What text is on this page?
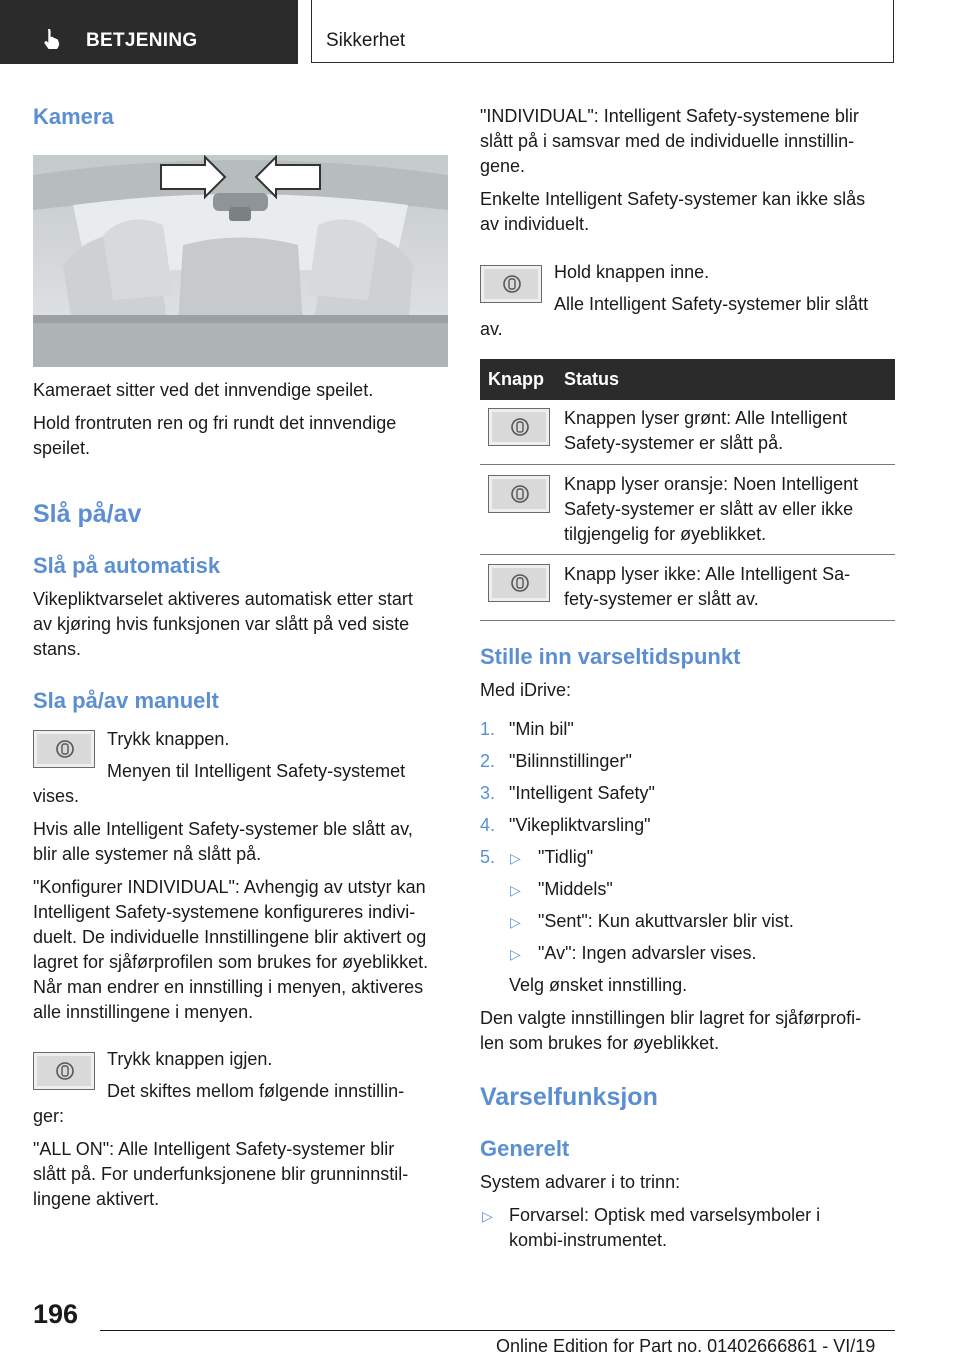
BETJENING	Sikkerhet
Kamera

Kameraet sitter ved det innvendige speilet.

Hold frontruten ren og fri rundt det innvendige

speilet.

Slå på/av
Slå på automatisk

Vikepliktvarselet aktiveres automatisk etter start

av kjøring hvis funksjonen var slått på ved siste

stans.

Sla på/av manuelt

Trykk knappen.

Menyen til Intelligent Safety-systemet

vises.

Hvis alle Intelligent Safety-systemer ble slått av,

blir alle systemer nå slått på.

"Konfigurer INDIVIDUAL": Avhengig av utstyr kan

Intelligent Safety-systemene konfigureres indivi-

duelt. De individuelle Innstillingene blir aktivert og

lagret for sjåførprofilen som brukes for øyeblikket.

Når man endrer en innstilling i menyen, aktiveres

alle innstillingene i menyen.

Trykk knappen igjen.

Det skiftes mellom følgende innstillin-

ger:

"ALL ON": Alle Intelligent Safety-systemer blir

slått på. For underfunksjonene blir grunninnstil-

lingene aktivert.

"INDIVIDUAL": Intelligent Safety-systemene blir

slått på i samsvar med de individuelle innstillin-

gene.

Enkelte Intelligent Safety-systemer kan ikke slås

av individuelt.

Hold knappen inne.

Alle Intelligent Safety-systemer blir slått

av.

Knapp Status
Knappen lyser grønt: Alle Intelligent
Safety-systemer er slått på.
Knapp lyser oransje: Noen Intelligent
Safety-systemer er slått av eller ikke
tilgjengelig for øyeblikket.
Knapp lyser ikke: Alle Intelligent Sa-
fety-systemer er slått av.
Stille inn varseltidspunkt

Med iDrive:

1. "Min bil"

2. "Bilinnstillinger"

3. "Intelligent Safety"

4. "Vikepliktvarsling"

5. ▷ "Tidlig"

▷ "Middels"

▷ "Sent": Kun akuttvarsler blir vist.

▷ "Av": Ingen advarsler vises.

Velg ønsket innstilling.

Den valgte innstillingen blir lagret for sjåførprofi-

len som brukes for øyeblikket.

Varselfunksjon
Generelt

System advarer i to trinn:

▷ Forvarsel: Optisk med varselsymboler i

kombi-instrumentet.

196
Online Edition for Part no. 01402666861 - VI/19
